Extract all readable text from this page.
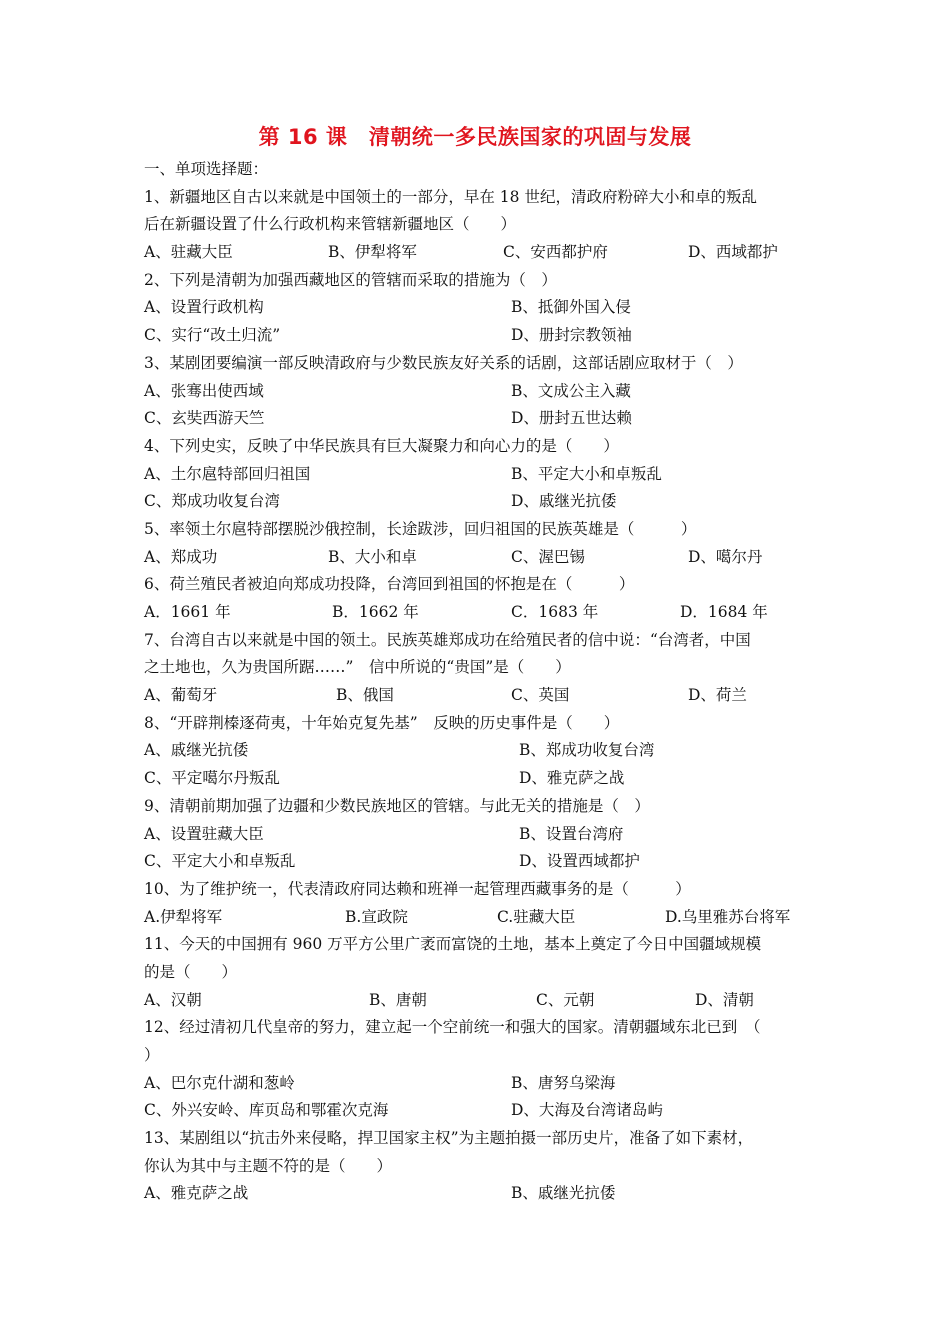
第 16 课　清朝统一多民族国家的巩固与发展
一、单项选择题：
1、新疆地区自古以来就是中国领土的一部分，早在 18 世纪，清政府粉碎大小和卓的叛乱
后在新疆设置了什么行政机构来管辖新疆地区（　　）
A、驻藏大臣	B、伊犁将军	C、安西都护府	D、西域都护
2、下列是清朝为加强西藏地区的管辖而采取的措施为（　）
A、设置行政机构	B、抵御外国入侵
C、实行“改土归流”	D、册封宗教领袖
3、某剧团要编演一部反映清政府与少数民族友好关系的话剧，这部话剧应取材于（　）
A、张骞出使西域	B、文成公主入藏
C、玄奘西游天竺	D、册封五世达赖
4、下列史实，反映了中华民族具有巨大凝聚力和向心力的是（　　）
A、土尔扈特部回归祖国	B、平定大小和卓叛乱
C、郑成功收复台湾	D、戚继光抗倭
5、率领土尔扈特部摆脱沙俄控制，长途跋涉，回归祖国的民族英雄是（　　　）
A、郑成功	B、大小和卓	C、渥巴锡	D、噶尔丹
6、荷兰殖民者被迫向郑成功投降，台湾回到祖国的怀抱是在（　　　）
A．1661 年	B．1662 年	C．1683 年	D．1684 年
7、台湾自古以来就是中国的领土。民族英雄郑成功在给殖民者的信中说：“台湾者，中国
之土地也，久为贵国所踞……”　信中所说的“贵国”是（　　）
A、葡萄牙	B、俄国	C、英国	D、荷兰
8、“开辟荆榛逐荷夷，十年始克复先基”　反映的历史事件是（　　）
A、戚继光抗倭	B、郑成功收复台湾
C、平定噶尔丹叛乱	D、雅克萨之战
9、清朝前期加强了边疆和少数民族地区的管辖。与此无关的措施是（　）
A、设置驻藏大臣	B、设置台湾府
C、平定大小和卓叛乱	D、设置西域都护
10、为了维护统一，代表清政府同达赖和班禅一起管理西藏事务的是（　　　）
A.伊犁将军	B.宣政院	C.驻藏大臣	D.乌里雅苏台将军
11、今天的中国拥有 960 万平方公里广袤而富饶的土地，基本上奠定了今日中国疆域规模
的是（　　）
A、汉朝	B、唐朝	C、元朝	D、清朝
12、经过清初几代皇帝的努力，建立起一个空前统一和强大的国家。清朝疆域东北已到　（
）
A、巴尔克什湖和葱岭	B、唐努乌梁海
C、外兴安岭、库页岛和鄂霍次克海	D、大海及台湾诸岛屿
13、某剧组以“抗击外来侵略，捍卫国家主权”为主题拍摄一部历史片，准备了如下素材，
你认为其中与主题不符的是（　　）
A、雅克萨之战	B、戚继光抗倭
